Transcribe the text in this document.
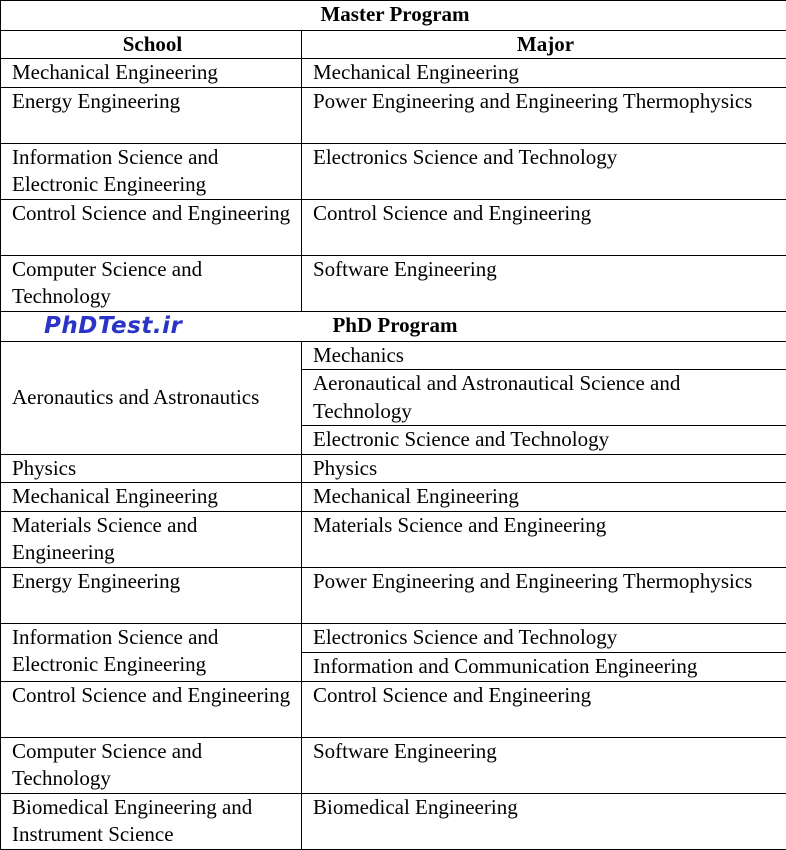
Master Program	
School	Major
Mechanical Engineering	Mechanical Engineering
Energy Engineering	Power Engineering and Engineering Thermophysics
Information Science and Electronic Engineering	Electronics Science and Technology
Control Science and Engineering	Control Science and Engineering
Computer Science and Technology	Software Engineering

PhDTest.ir PhD Program	
Aeronautics and Astronautics	Mechanics
	Aeronautical and Astronautical Science and Technology
	Electronic Science and Technology
Physics	Physics
Mechanical Engineering	Mechanical Engineering
Materials Science and Engineering	Materials Science and Engineering
Energy Engineering	Power Engineering and Engineering Thermophysics
Information Science and Electronic Engineering	Electronics Science and Technology
	Information and Communication Engineering
Control Science and Engineering	Control Science and Engineering
Computer Science and Technology	Software Engineering
Biomedical Engineering and Instrument Science	Biomedical Engineering
